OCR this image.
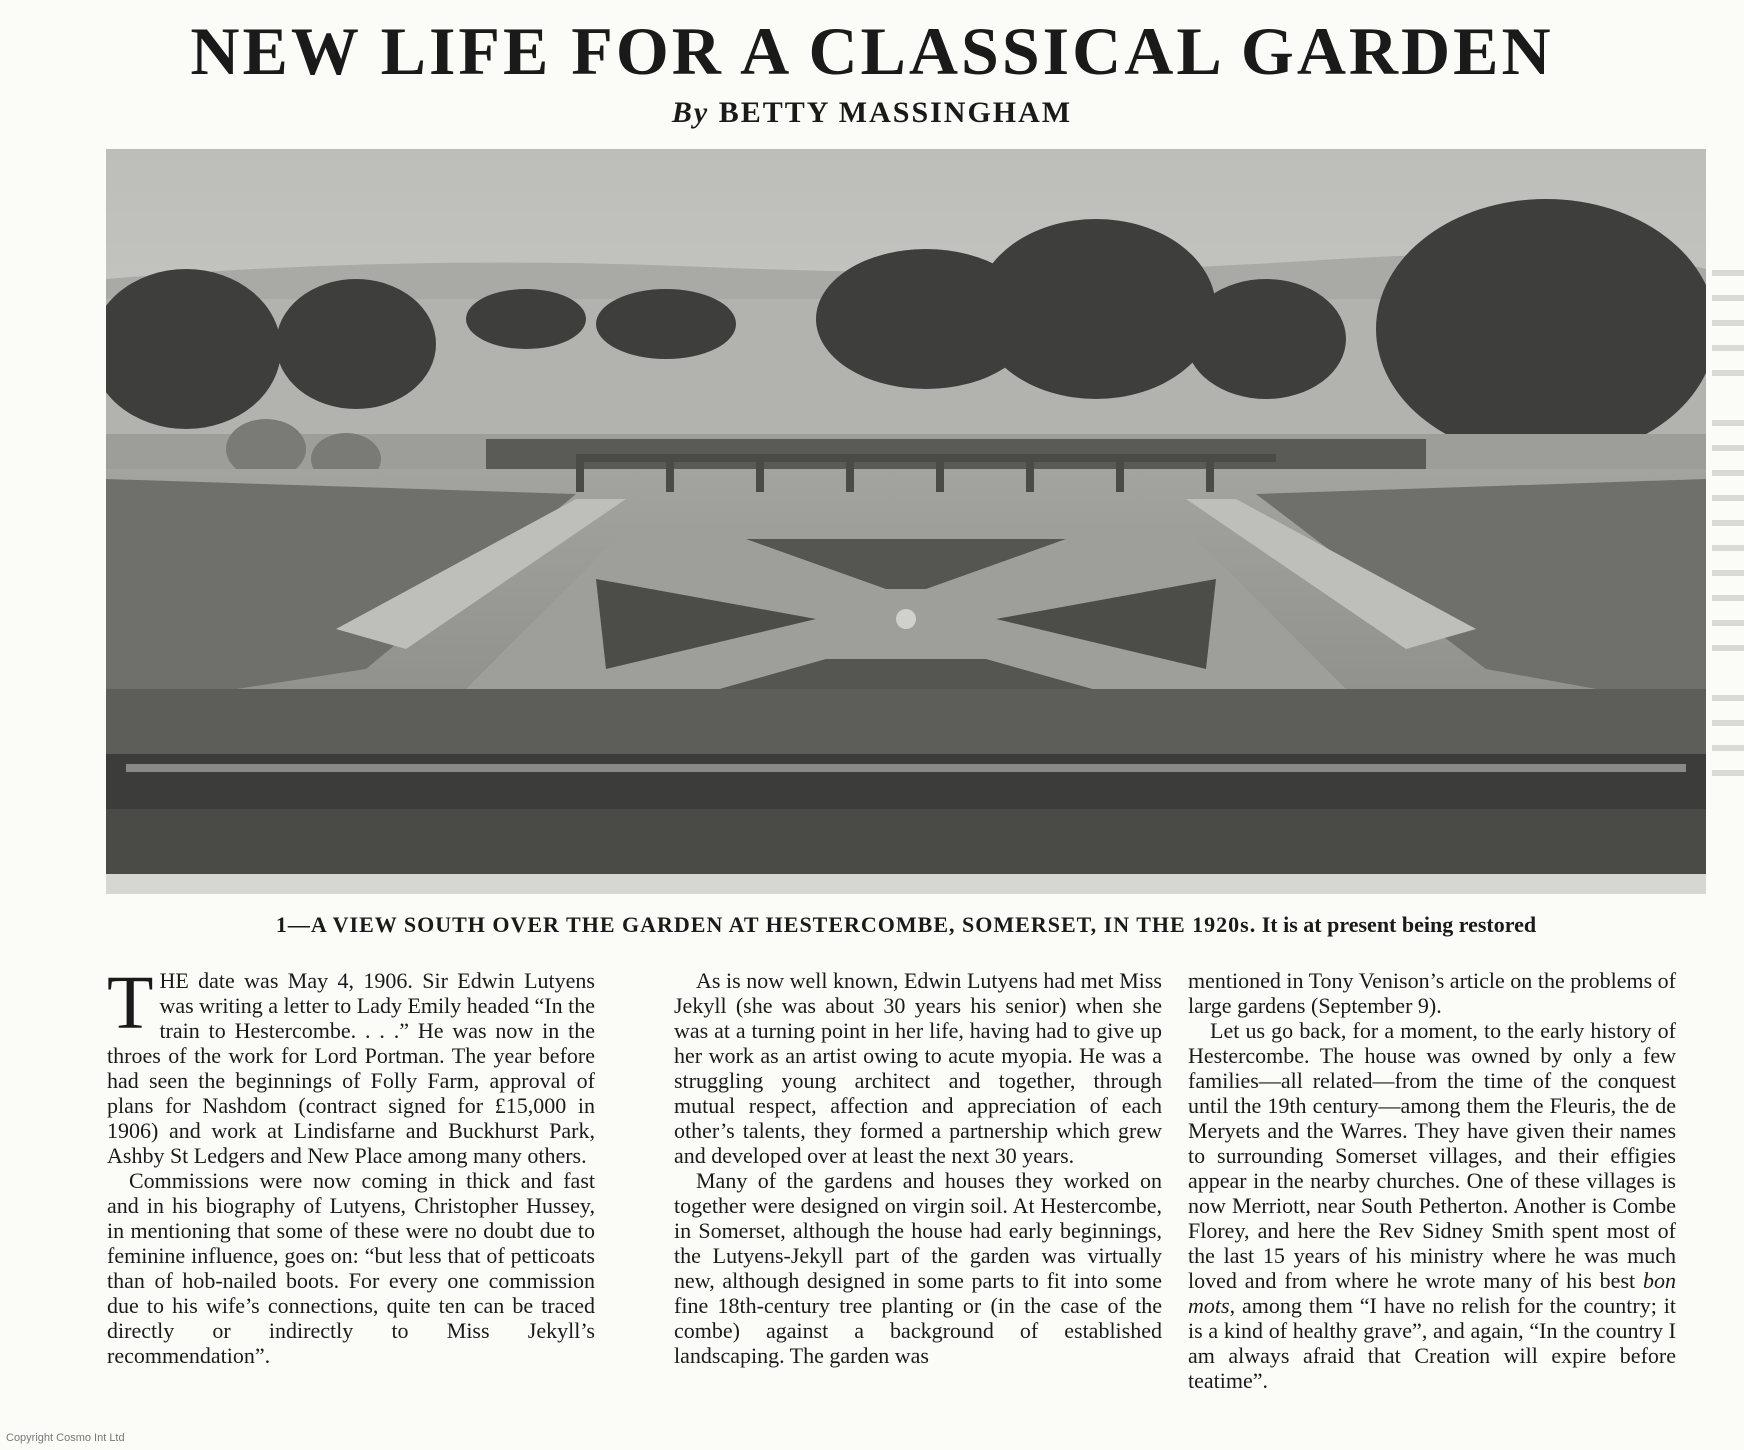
NEW LIFE FOR A CLASSICAL GARDEN
By BETTY MASSINGHAM
1—A VIEW SOUTH OVER THE GARDEN AT HESTERCOMBE, SOMERSET, IN THE 1920s. It is at present being restored

THE date was May 4, 1906. Sir Edwin Lutyens was writing a letter to Lady Emily headed “In the train to Hestercombe. . . .” He was now in the throes of the work for Lord Portman. The year before had seen the beginnings of Folly Farm, approval of plans for Nashdom (contract signed for £15,000 in 1906) and work at Lindisfarne and Buckhurst Park, Ashby St Ledgers and New Place among many others.

Commissions were now coming in thick and fast and in his biography of Lutyens, Christopher Hussey, in mentioning that some of these were no doubt due to feminine influence, goes on: “but less that of petticoats than of hob-nailed boots. For every one commission due to his wife’s connections, quite ten can be traced directly or indirectly to Miss Jekyll’s recommendation”.

As is now well known, Edwin Lutyens had met Miss Jekyll (she was about 30 years his senior) when she was at a turning point in her life, having had to give up her work as an artist owing to acute myopia. He was a struggling young architect and together, through mutual respect, affection and appreciation of each other’s talents, they formed a partnership which grew and developed over at least the next 30 years.

Many of the gardens and houses they worked on together were designed on virgin soil. At Hestercombe, in Somerset, although the house had early beginnings, the Lutyens-Jekyll part of the garden was virtually new, although designed in some parts to fit into some fine 18th-century tree planting or (in the case of the combe) against a background of established landscaping. The garden was

mentioned in Tony Venison’s article on the problems of large gardens (September 9).

Let us go back, for a moment, to the early history of Hestercombe. The house was owned by only a few families—all related—from the time of the conquest until the 19th century—among them the Fleuris, the de Meryets and the Warres. They have given their names to surrounding Somerset villages, and their effigies appear in the nearby churches. One of these villages is now Merriott, near South Petherton. Another is Combe Florey, and here the Rev Sidney Smith spent most of the last 15 years of his ministry where he was much loved and from where he wrote many of his best bon mots, among them “I have no relish for the country; it is a kind of healthy grave”, and again, “In the country I am always afraid that Creation will expire before teatime”.

Copyright Cosmo Int Ltd
